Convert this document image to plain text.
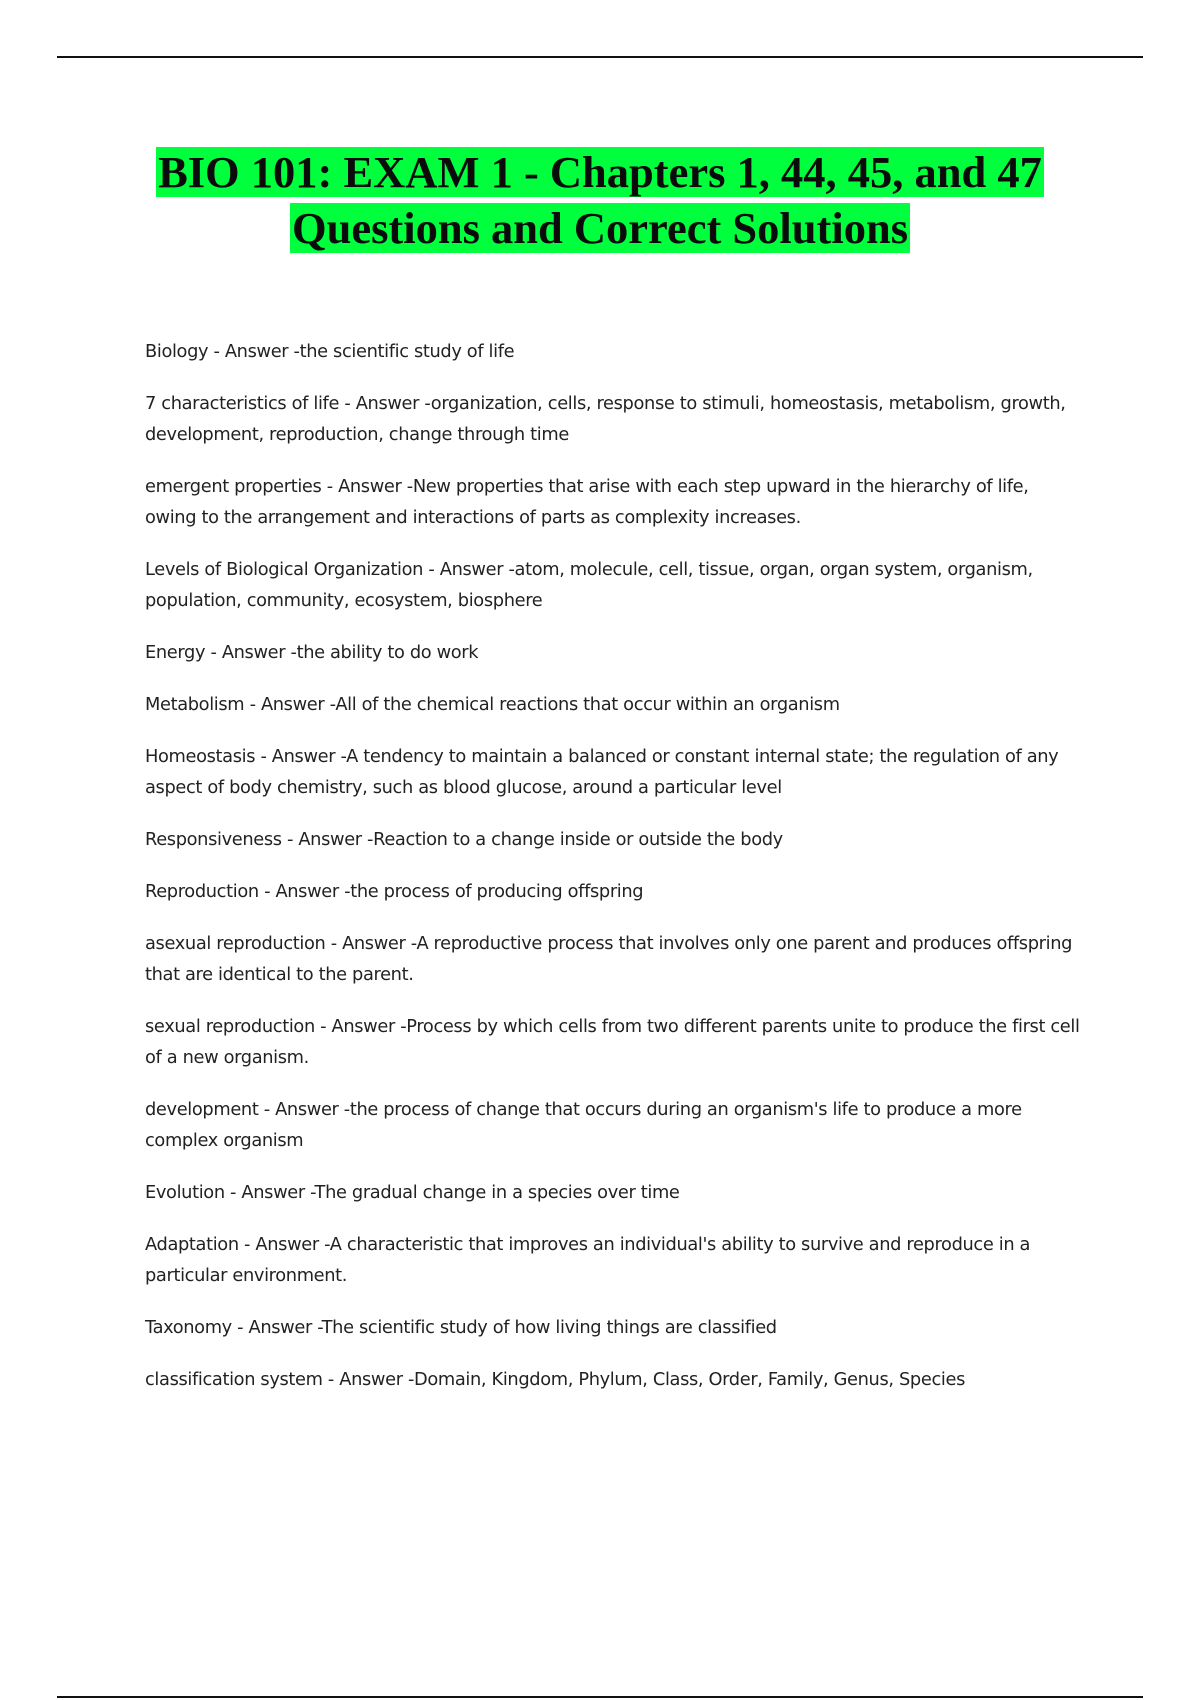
BIO 101: EXAM 1 - Chapters 1, 44, 45, and 47 Questions and Correct Solutions
Biology - Answer -the scientific study of life
7 characteristics of life - Answer -organization, cells, response to stimuli, homeostasis, metabolism, growth, development, reproduction, change through time
emergent properties - Answer -New properties that arise with each step upward in the hierarchy of life, owing to the arrangement and interactions of parts as complexity increases.
Levels of Biological Organization - Answer -atom, molecule, cell, tissue, organ, organ system, organism, population, community, ecosystem, biosphere
Energy - Answer -the ability to do work
Metabolism - Answer -All of the chemical reactions that occur within an organism
Homeostasis - Answer -A tendency to maintain a balanced or constant internal state; the regulation of any aspect of body chemistry, such as blood glucose, around a particular level
Responsiveness - Answer -Reaction to a change inside or outside the body
Reproduction - Answer -the process of producing offspring
asexual reproduction - Answer -A reproductive process that involves only one parent and produces offspring that are identical to the parent.
sexual reproduction - Answer -Process by which cells from two different parents unite to produce the first cell of a new organism.
development - Answer -the process of change that occurs during an organism's life to produce a more complex organism
Evolution - Answer -The gradual change in a species over time
Adaptation - Answer -A characteristic that improves an individual's ability to survive and reproduce in a particular environment.
Taxonomy - Answer -The scientific study of how living things are classified
classification system - Answer -Domain, Kingdom, Phylum, Class, Order, Family, Genus, Species
